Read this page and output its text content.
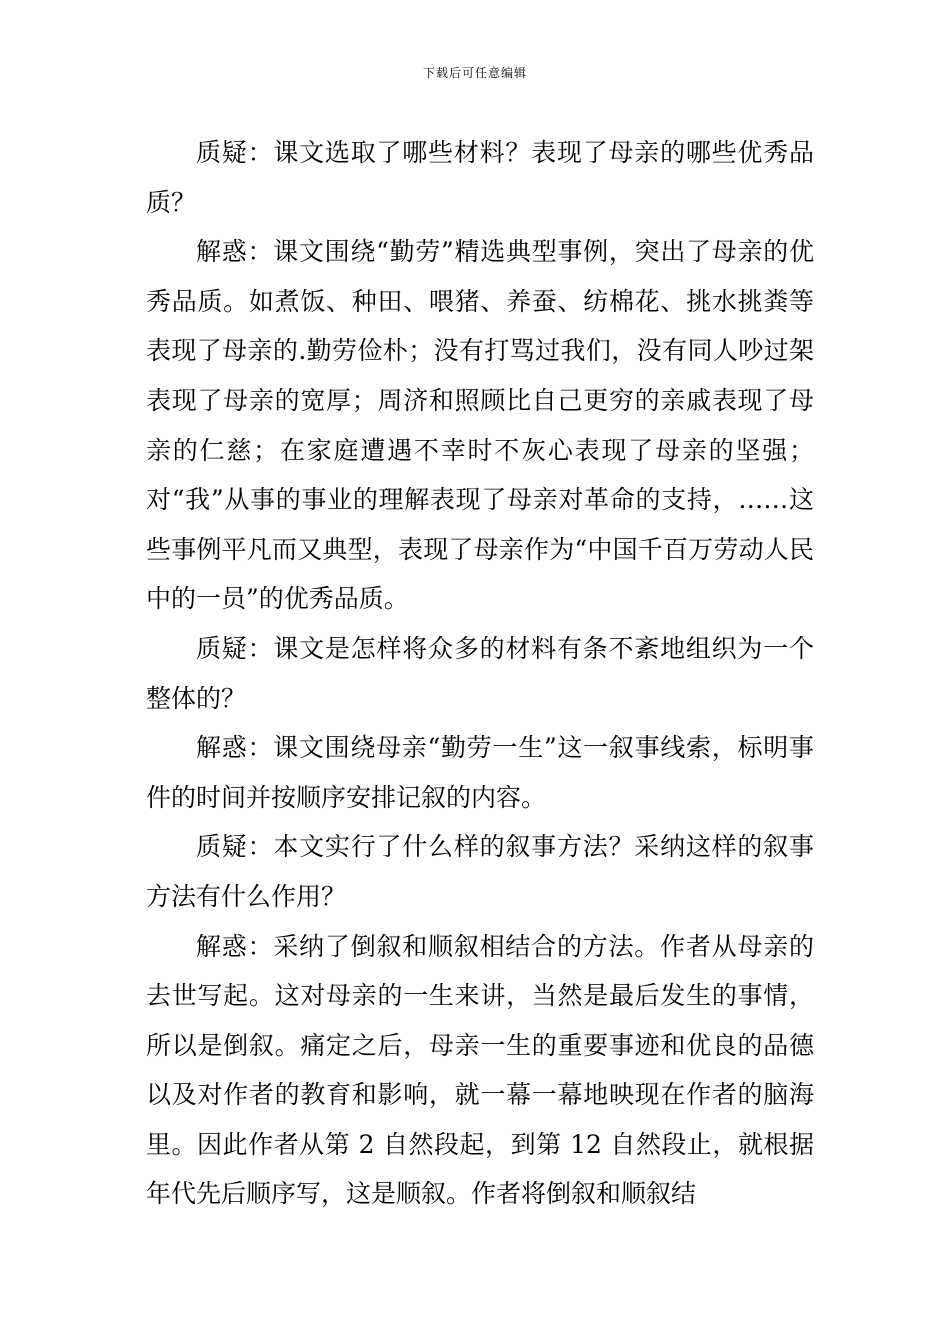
下载后可任意编辑

质疑：课文选取了哪些材料？表现了母亲的哪些优秀品质？

解惑：课文围绕“勤劳”精选典型事例，突出了母亲的优秀品质。如煮饭、种田、喂猪、养蚕、纺棉花、挑水挑粪等表现了母亲的.勤劳俭朴；没有打骂过我们，没有同人吵过架表现了母亲的宽厚；周济和照顾比自己更穷的亲戚表现了母亲的仁慈；在家庭遭遇不幸时不灰心表现了母亲的坚强；对“我”从事的事业的理解表现了母亲对革命的支持，……这些事例平凡而又典型，表现了母亲作为“中国千百万劳动人民中的一员”的优秀品质。

质疑：课文是怎样将众多的材料有条不紊地组织为一个整体的？

解惑：课文围绕母亲“勤劳一生”这一叙事线索，标明事件的时间并按顺序安排记叙的内容。

质疑：本文实行了什么样的叙事方法？采纳这样的叙事方法有什么作用？

解惑：采纳了倒叙和顺叙相结合的方法。作者从母亲的去世写起。这对母亲的一生来讲，当然是最后发生的事情，所以是倒叙。痛定之后，母亲一生的重要事迹和优良的品德以及对作者的教育和影响，就一幕一幕地映现在作者的脑海里。因此作者从第 2 自然段起，到第 12 自然段止，就根据年代先后顺序写，这是顺叙。作者将倒叙和顺叙结
